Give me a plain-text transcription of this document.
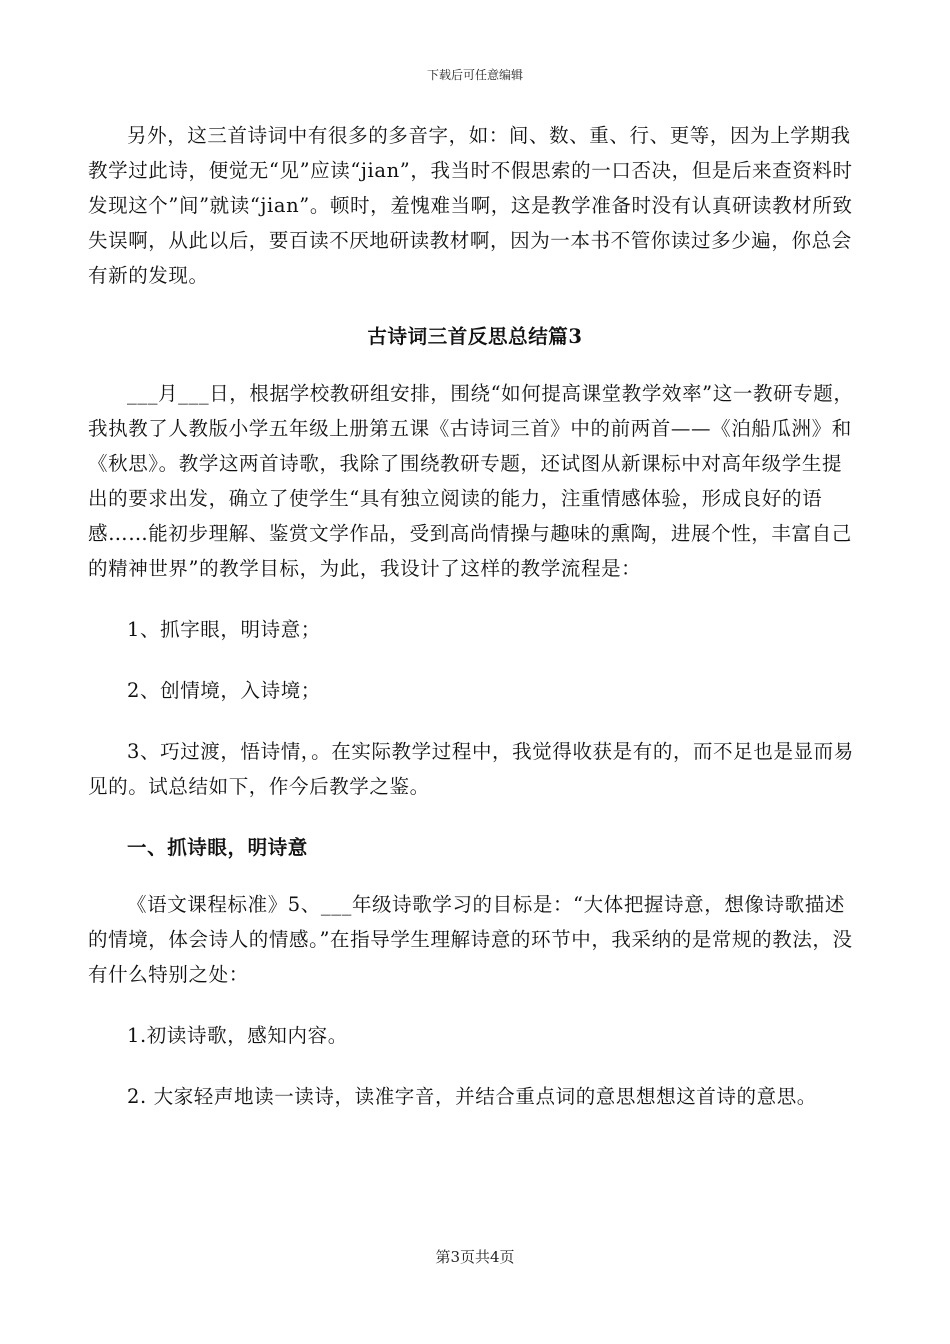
下载后可任意编辑

另外，这三首诗词中有很多的多音字，如：间、数、重、行、更等，因为上学期我教学过此诗，便觉无“见”应读“jian”，我当时不假思索的一口否决，但是后来查资料时发现这个”间”就读“jian”。顿时，羞愧难当啊，这是教学准备时没有认真研读教材所致失误啊，从此以后，要百读不厌地研读教材啊，因为一本书不管你读过多少遍，你总会有新的发现。

古诗词三首反思总结篇3

___月___日，根据学校教研组安排，围绕“如何提高课堂教学效率”这一教研专题，我执教了人教版小学五年级上册第五课《古诗词三首》中的前两首——《泊船瓜洲》和《秋思》。教学这两首诗歌，我除了围绕教研专题，还试图从新课标中对高年级学生提出的要求出发，确立了使学生“具有独立阅读的能力，注重情感体验，形成良好的语感……能初步理解、鉴赏文学作品，受到高尚情操与趣味的熏陶，进展个性，丰富自己的精神世界”的教学目标，为此，我设计了这样的教学流程是：

1、抓字眼，明诗意；

2、创情境，入诗境；

3、巧过渡，悟诗情，。在实际教学过程中，我觉得收获是有的，而不足也是显而易见的。试总结如下，作今后教学之鉴。

一、抓诗眼，明诗意

《语文课程标准》5、___年级诗歌学习的目标是：“大体把握诗意，想像诗歌描述的情境，体会诗人的情感。”在指导学生理解诗意的环节中，我采纳的是常规的教法，没有什么特别之处：

1.初读诗歌，感知内容。

2. 大家轻声地读一读诗，读准字音，并结合重点词的意思想想这首诗的意思。

第3页共4页
